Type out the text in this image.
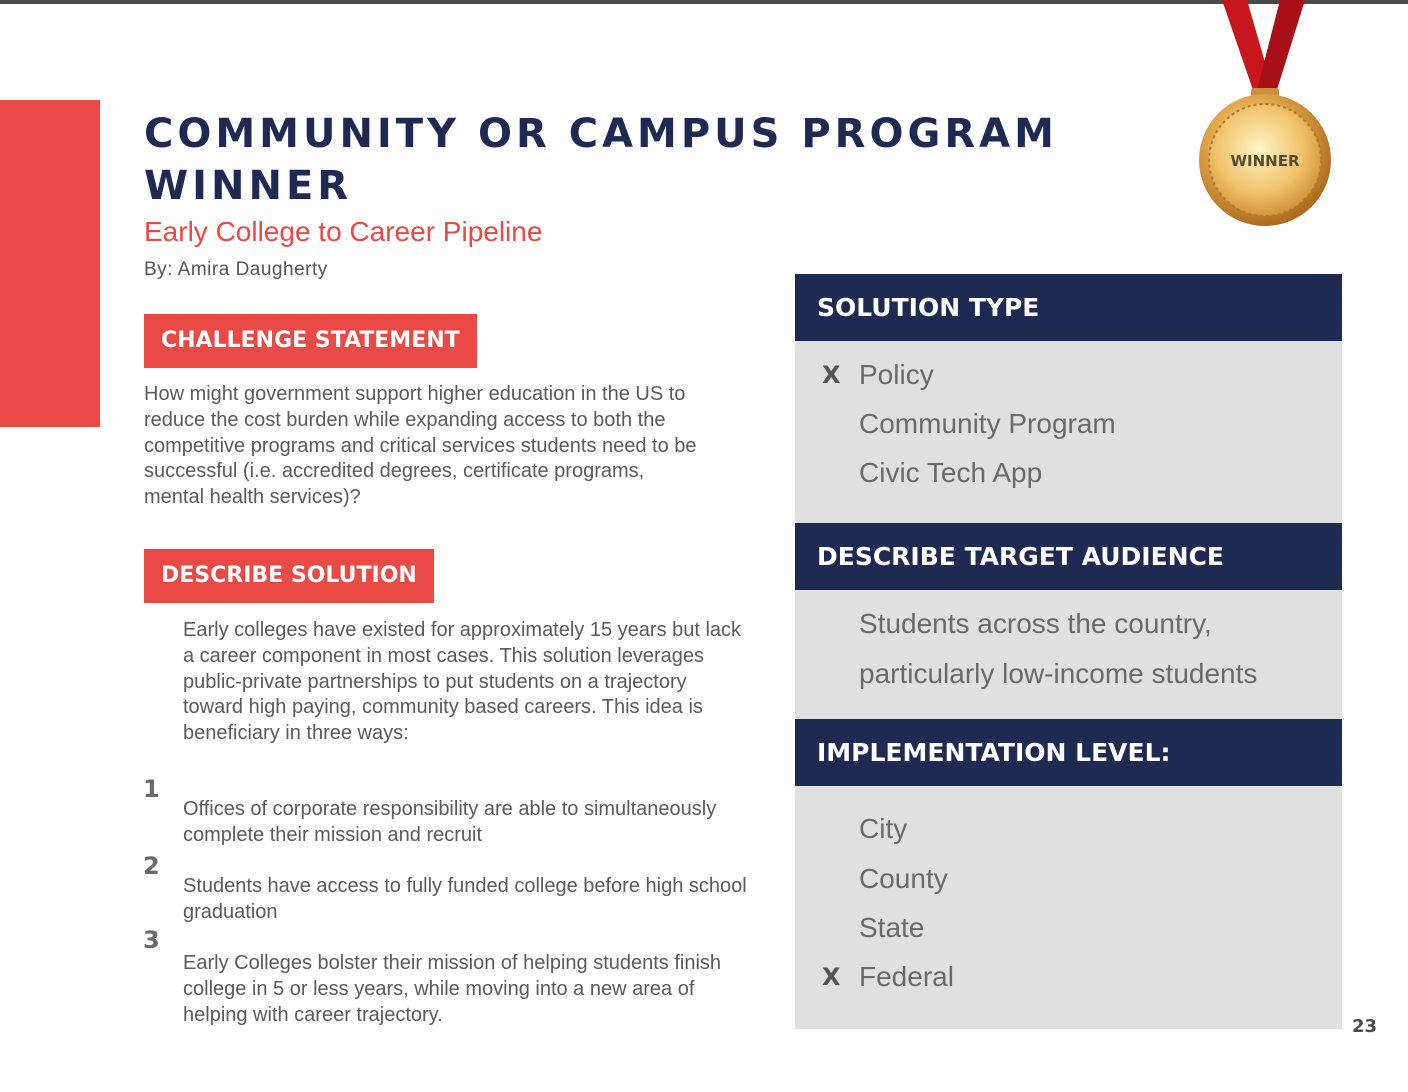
COMMUNITY OR CAMPUS PROGRAM
WINNER
Early College to Career Pipeline
By: Amira Daugherty
WINNER
CHALLENGE STATEMENT

How might government support higher education in the US to reduce the cost burden while expanding access to both the competitive programs and critical services students need to be successful (i.e. accredited degrees, certificate programs, mental health services)?

DESCRIBE SOLUTION

Early colleges have existed for approximately 15 years but lack a career component in most cases. This solution leverages public-private partnerships to put students on a trajectory toward high paying, community based careers. This idea is beneficiary in three ways:

1

Offices of corporate responsibility are able to simultaneously complete their mission and recruit

2

Students have access to fully funded college before high school graduation

3

Early Colleges bolster their mission of helping students finish college in 5 or less years, while moving into a new area of helping with career trajectory.

SOLUTION TYPE
X Policy
Community Program
Civic Tech App
DESCRIBE TARGET AUDIENCE
Students across the country,
particularly low-income students
IMPLEMENTATION LEVEL:
City
County
State
X Federal
23
